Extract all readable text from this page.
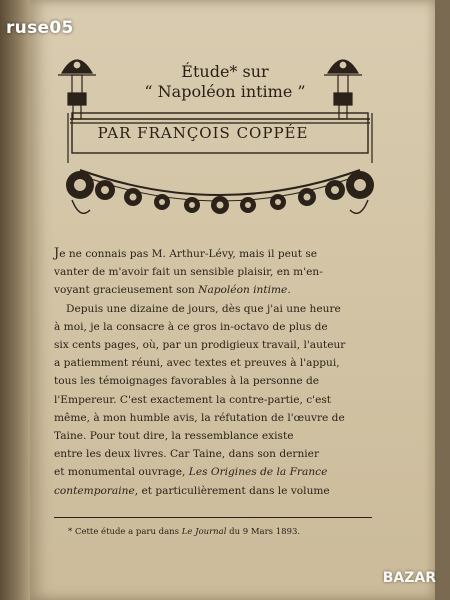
ruse05
Étude* sur
“ Napoléon intime ”
PAR FRANÇOIS COPPÉE

Je ne connais pas M. Arthur-Lévy, mais il peut se
vanter de m'avoir fait un sensible plaisir, en m'en-
voyant gracieusement son Napoléon intime.

Depuis une dizaine de jours, dès que j'ai une heure
à moi, je la consacre à ce gros in-octavo de plus de
six cents pages, où, par un prodigieux travail, l'auteur
a patiemment réuni, avec textes et preuves à l'appui,
tous les témoignages favorables à la personne de
l'Empereur. C'est exactement la contre-partie, c'est
même, à mon humble avis, la réfutation de l'œuvre de
Taine. Pour tout dire, la ressemblance existe
entre les deux livres. Car Taine, dans son dernier
et monumental ouvrage, Les Origines de la France
contemporaine, et particulièrement dans le volume

* Cette étude a paru dans Le Journal du 9 Mars 1893.
BAZAR
